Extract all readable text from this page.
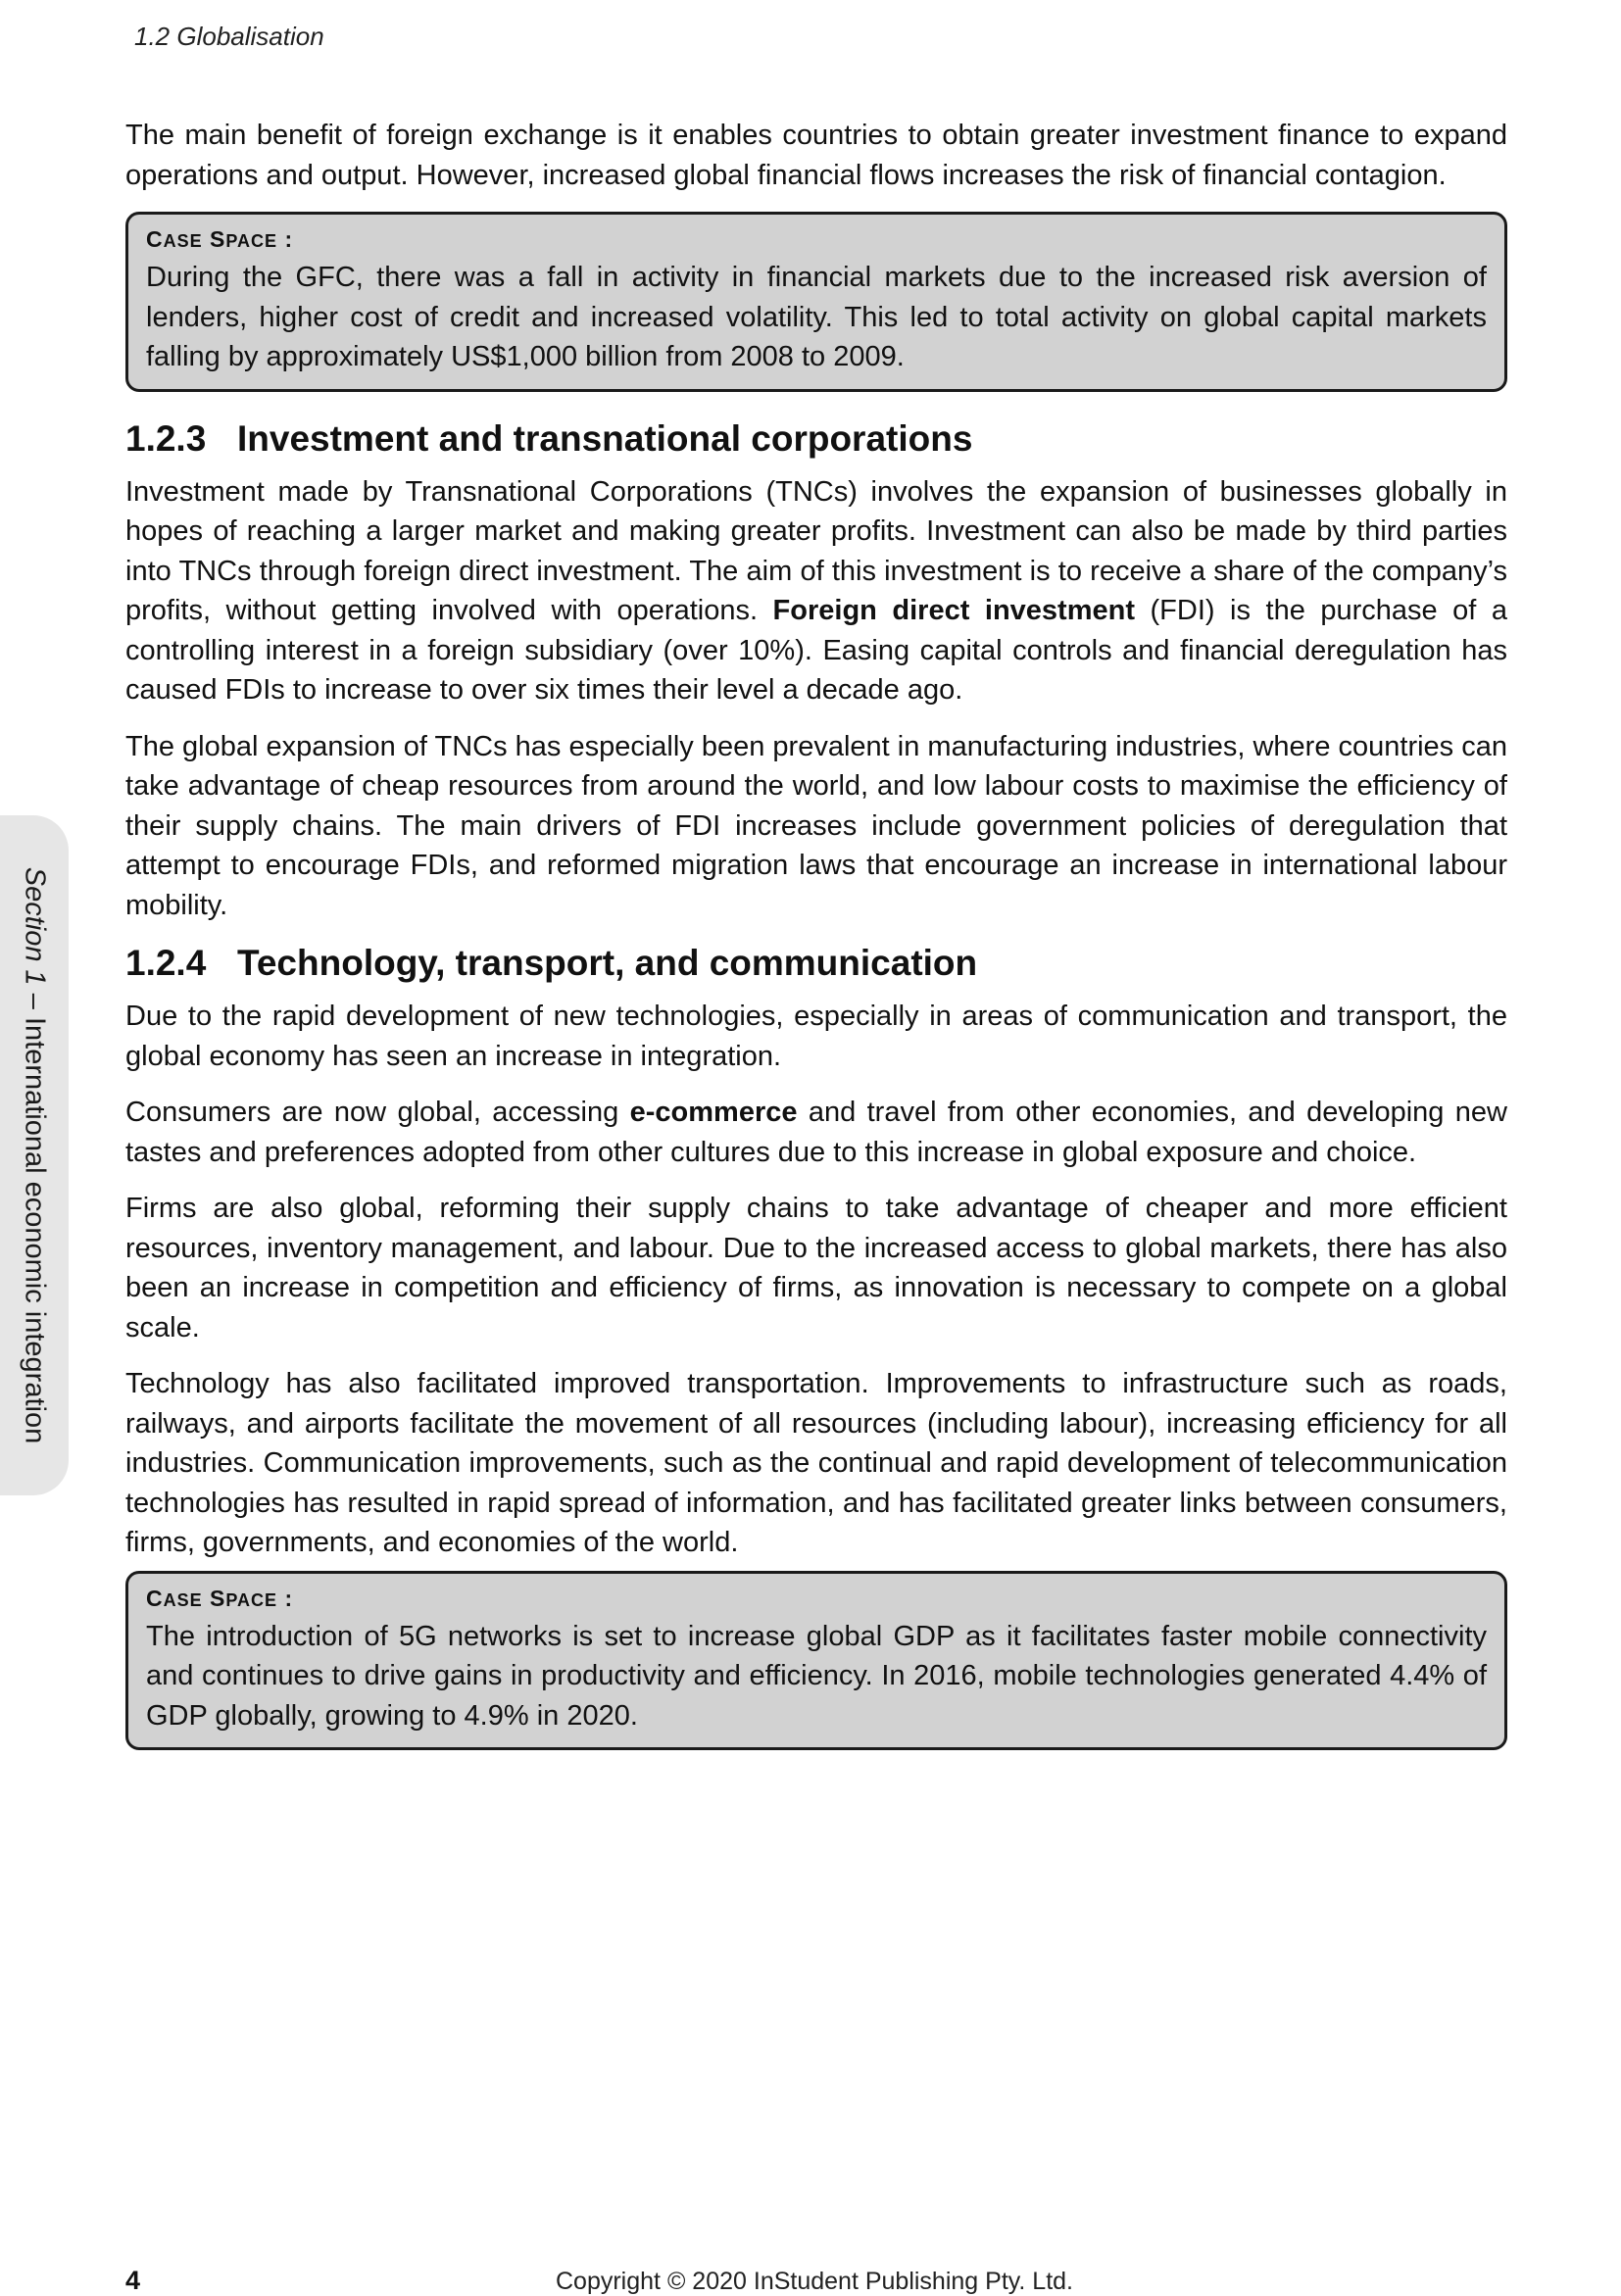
1.2 Globalisation
Section 1 – International economic integration

The main benefit of foreign exchange is it enables countries to obtain greater investment finance to expand operations and output. However, increased global financial flows increases the risk of financial contagion.

CASE SPACE :

During the GFC, there was a fall in activity in financial markets due to the increased risk aversion of lenders, higher cost of credit and increased volatility. This led to total activity on global capital markets falling by approximately US$1,000 billion from 2008 to 2009.

1.2.3 Investment and transnational corporations

Investment made by Transnational Corporations (TNCs) involves the expansion of businesses globally in hopes of reaching a larger market and making greater profits. Investment can also be made by third parties into TNCs through foreign direct investment. The aim of this investment is to receive a share of the company’s profits, without getting involved with operations. Foreign direct investment (FDI) is the purchase of a controlling interest in a foreign subsidiary (over 10%). Easing capital controls and financial deregulation has caused FDIs to increase to over six times their level a decade ago.

The global expansion of TNCs has especially been prevalent in manufacturing industries, where countries can take advantage of cheap resources from around the world, and low labour costs to maximise the efficiency of their supply chains. The main drivers of FDI increases include government policies of deregulation that attempt to encourage FDIs, and reformed migration laws that encourage an increase in international labour mobility.

1.2.4 Technology, transport, and communication

Due to the rapid development of new technologies, especially in areas of communication and transport, the global economy has seen an increase in integration.

Consumers are now global, accessing e-commerce and travel from other economies, and developing new tastes and preferences adopted from other cultures due to this increase in global exposure and choice.

Firms are also global, reforming their supply chains to take advantage of cheaper and more efficient resources, inventory management, and labour. Due to the increased access to global markets, there has also been an increase in competition and efficiency of firms, as innovation is necessary to compete on a global scale.

Technology has also facilitated improved transportation. Improvements to infrastructure such as roads, railways, and airports facilitate the movement of all resources (including labour), increasing efficiency for all industries. Communication improvements, such as the continual and rapid development of telecommunication technologies has resulted in rapid spread of information, and has facilitated greater links between consumers, firms, governments, and economies of the world.

CASE SPACE :

The introduction of 5G networks is set to increase global GDP as it facilitates faster mobile connectivity and continues to drive gains in productivity and efficiency. In 2016, mobile technologies generated 4.4% of GDP globally, growing to 4.9% in 2020.

4	Copyright © 2020 InStudent Publishing Pty. Ltd.
